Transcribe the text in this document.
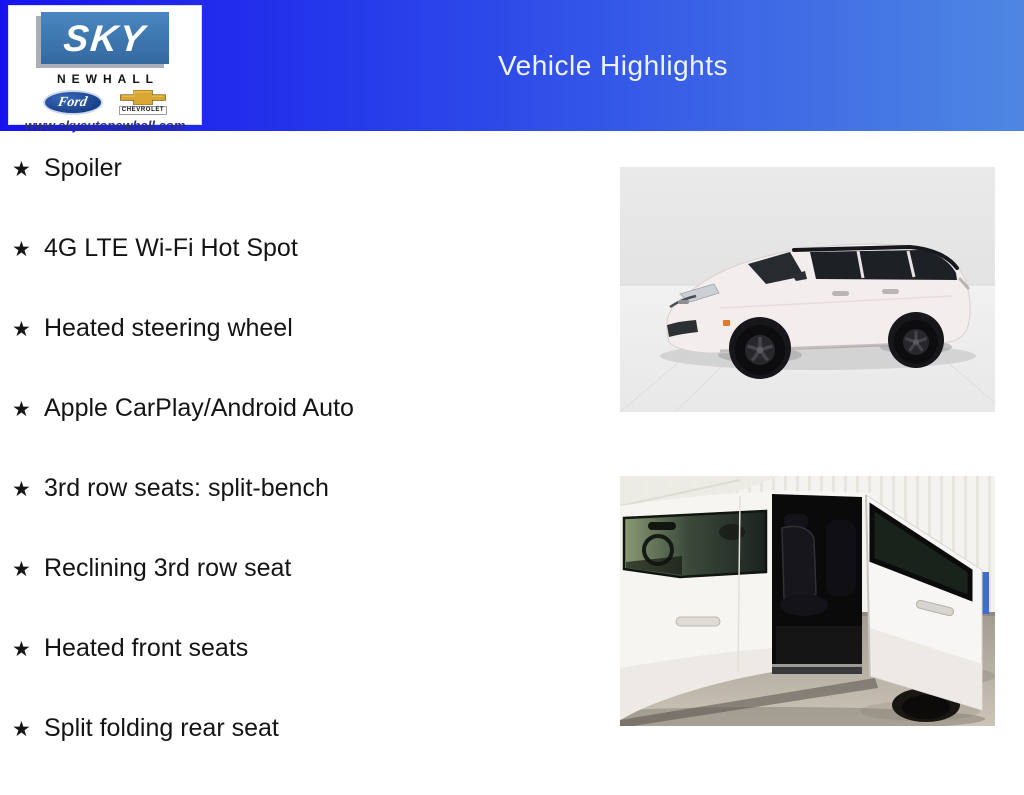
Vehicle Highlights
SKY
NEWHALL
Ford
CHEVROLET
www.skyautonewhall.com
★ Spoiler
★ 4G LTE Wi-Fi Hot Spot
★ Heated steering wheel
★ Apple CarPlay/Android Auto
★ 3rd row seats: split-bench
★ Reclining 3rd row seat
★ Heated front seats
★ Split folding rear seat
